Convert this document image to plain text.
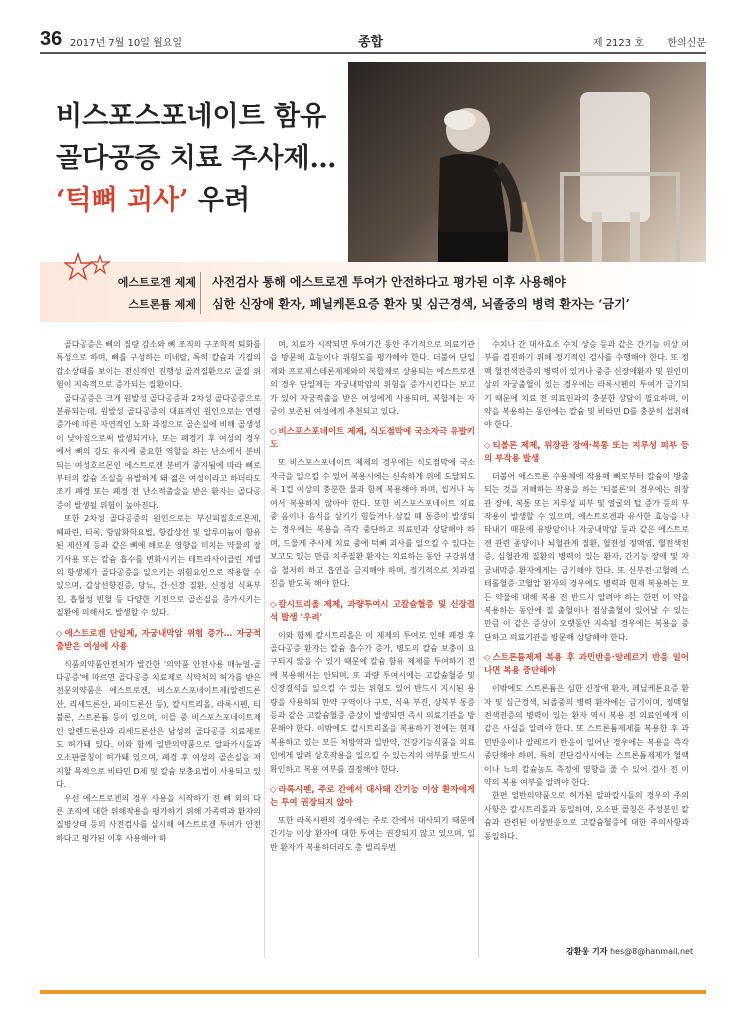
36 2017년 7월 10일 월요일	종합	제 2123 호 한의신문
비스포스포네이트 함유
골다공증 치료 주사제…
‘턱뼈 괴사’ 우려
에스트로겐 제제
스트론튬 제제
사전검사 통해 에스트로겐 투여가 안전하다고 평가된 이후 사용해야
심한 신장애 환자, 페닐케톤요증 환자 및 심근경색, 뇌졸중의 병력 환자는 ‘금기’

골다공증은 뼈의 질량 감소와 뼈 조직의 구조학적 퇴화를 특성으로 하며, 뼈를 구성하는 미네랄, 특히 칼슘과 기질의 감소상태를 보이는 전신적인 진행성 골격질환으로 골절 위험이 지속적으로 증가되는 질환이다.

골다공증은 크게 원발성 골다공증과 2차성 골다공증으로 분류되는데, 원발성 골다공증의 대표적인 원인으로는 연령 증가에 따른 자연적인 노화 과정으로 골손실에 비해 골생성이 낮아짐으로써 발생되거나, 또는 폐경기 후 여성의 경우에서 뼈의 강도 유지에 중요한 역할을 하는 난소에서 분비되는 여성호르몬인 에스트로겐 분비가 중지됨에 따라 뼈로부터의 칼슘 소실을 유발하게 돼 젊은 여성이라고 하더라도 조기 폐경 또는 폐경 전 난소적출술을 받은 환자는 골다공증이 발생될 위험이 높아진다.

또한 2차성 골다공증의 원인으로는 부신피질호르몬제, 헤파린, 티록, 항암화학요법, 항갑상선 및 알루미늄이 함유된 제산제 등과 같은 뼈에 해로운 영향을 미치는 약물의 장기사용 또는 칼슘 흡수를 변화시키는 테트라사이클린 계열의 항생제가 골다공증을 일으키는 위험요인으로 작용할 수 있으며, 갑상선항진증, 당뇨, 간·신장 질환, 신경성 식욕부진, 흡혈성 빈혈 등 다양한 기전으로 골손실을 증가시키는 질환에 의해서도 발생할 수 있다.

◇ 에스트로겐 단일제, 자궁내막암 위험 증가… 자궁적출받은 여성에 사용

식품의약품안전처가 발간한 '의약품 안전사용 매뉴얼-골다공증'에 따르면 골다공증 치료제로 식약처의 허가를 받은 전문의약품은 에스트로겐, 비스포스포네이트제(알렌드론산, 리세드론산, 파미드론산 등), 칼시트리올, 라록시펜, 티불론, 스트론튬 등이 있으며, 이들 중 비스포스포네이트제인 알렌드론산과 리세드론산은 남성의 골다공증 치료제로도 허가돼 있다. 이와 함께 일반의약품으로 알파카시돌과 오소판콜칭이 허가돼 있으며, 폐경 후 여성의 골손실을 저지할 목적으로 비타민 D제 및 칼슘 보충요법이 사용되고 있다.

우선 에스트로겐의 경우 사용을 시작하기 전 뼈 외의 다른 조직에 대한 위해작용을 평가하기 위해 가족력과 환자의 질병상태 등의 사전검사를 실시해 에스트로겐 투여가 안전하다고 평가된 이후 사용해야 하

며, 치료가 시작되면 투여기간 동안 주기적으로 의료기관을 방문해 효능이나 위험도를 평가해야 한다. 더불어 단일제와 프로제스테론제제와의 복합제로 상용되는 에스트로겐의 경우 단일제는 자궁내막암의 위험을 증가시킨다는 보고가 있어 자궁적출을 받은 여성에게 사용되며, 복합제는 자궁이 보존된 여성에게 추천되고 있다.

◇ 비스포스포네이트 제제, 식도점막에 국소자극 유발키도

또 비스포스포네이트 제제의 경우에는 식도점막에 국소자극을 일으킬 수 있어 복용시에는 신속하게 위에 도달되도록 1컵 이상의 충분한 물과 함께 복용해야 하며, 씹거나 녹여서 복용하지 않아야 한다. 또한 비스포스포네이트 치료 중 음이나 음식을 삼키기 힘들거나 삼킬 때 통증이 발생되는 경우에는 복용을 즉각 중단하고 의료인과 상담해야 하며, 드물게 주사제 치료 중에 턱뼈 괴사를 일으킬 수 있다는 보고도 있는 만큼 치주질환 환자는 치료하는 동안 구강위생을 철저히 하고 흡연을 금지해야 하며, 정기적으로 치과검진을 받도록 해야 한다.

◇ 칼시트리올 제제, 과량투여시 고칼슘혈증 및 신장결석 발생 '우려'

이와 함께 칼시트리올은 이 제제의 투여로 인해 폐경 후 골다공증 환자는 칼슘 흡수가 증가, 병도의 칼슘 보충이 요구되지 않을 수 있기 때문에 칼슘 함유 제제를 투여하기 전에 복용해서는 안되며, 또 과량 투여시에는 고칼슘혈증 및 신장결석을 일으킬 수 있는 위험도 있어 반드시 지시된 용량을 사용하되 만약 구역이나 구토, 식욕 부진, 상복부 통증 등과 같은 고칼슘혈증 증상이 발생되면 즉시 의료기관을 방문해야 한다. 이밖에도 칼시트리올을 복용하기 전에는 현재 복용하고 있는 모든 처방약과 일반약, 건강기능식품을 의료인에게 알려 상호작용을 일으킬 수 있는지의 여부를 반드시 확인하고 복용 여부를 결정해야 한다.

◇ 라록시펜, 주로 간에서 대사돼 간기능 이상 환자에게는 투여 권장되지 않아

또한 라록시펜의 경우에는 주로 간에서 대사되기 때문에 간기능 이상 환자에 대한 투여는 권장되지 않고 있으며, 일반 환자가 복용하더라도 총 빌리루빈

수치나 간 대사효소 수치 상승 등과 같은 간기능 이상 여부를 검진하기 위해 정기적인 검사를 수행해야 한다. 또 정맥 혈전색전증의 병력이 있거나 중증 신장애환자 및 원인미상의 자궁출혈이 있는 경우에는 라록시펜의 투여가 금기되기 때문에 치료 전 의료인과의 충분한 상담이 필요하며, 이 약을 복용하는 동안에는 칼슘 및 비타민 D를 충분히 섭취해야 한다.

◇ 티볼론 제제, 위장관 장애·복통 또는 지루성 피부 등의 부작용 발생

더불어 에스트론 수용체에 작용해 뼈로부터 칼슘이 방출되는 것을 저해하는 작용을 하는 '티볼론'의 경우에는 위장관 장애, 복통 또는 지루성 피부 및 얼굴의 털 증가 등의 부작용이 발생할 수 있으며, 에스트로겐과 유사한 효능을 나타내기 때문에 유방암이나 자궁내막암 등과 같은 에스트로겐 관련 종양이나 뇌혈관계 질환, 혈전성 정맥염, 혈전색전증, 심혈관계 질환의 병력이 있는 환자, 간기능 장애 및 자궁내막증 환자에게는 금기해야 한다. 또 신부전·고혈례 스테롤혈증·고혈압 환자의 경우에도 병력과 현재 복용하는 모든 약물에 대해 복용 전 반드시 알려야 하는 한편 이 약을 복용하는 동안에 질 출혈이나 점상출혈이 있어날 수 있는 만큼 이 같은 증상이 오랫동안 지속될 경우에는 복용을 중단하고 의료기관을 방문해 상담해야 한다.

◇ 스트론튬제제 복용 후 과민반응·알레르기 반응 일어나면 복용 중단해야

이밖에도 스트론튬은 심한 신장애 환자, 페닐케톤요증 환자 및 심근경색, 뇌졸중의 병력 환자에는 금기이며, 정맥혈전색전증의 병력이 있는 환자 역시 복용 전 의료인에게 이 같은 사실을 알려야 한다. 또 스트론튬제제를 복용한 후 과민반응이나 알레르기 반응이 일어난 경우에는 복용을 즉각 중단해야 하며, 특히 진단검사시에는 스트론튬제제가 혈액이나 뇨의 칼슘농도 측정에 영향을 줄 수 있어 검사 전 이 약의 복용 여부를 알려야 한다.

한편 일반의약품으로 허가된 알파칼시돌의 경우의 주의사항은 칼시트리올과 동일하며, 오소판 콜칭은 주성분인 칼슘과 관련된 이상반응으로 고칼슘혈증에 대한 주의사항과 동일하다.

강환웅 기자 hes@8@hanmail.net
